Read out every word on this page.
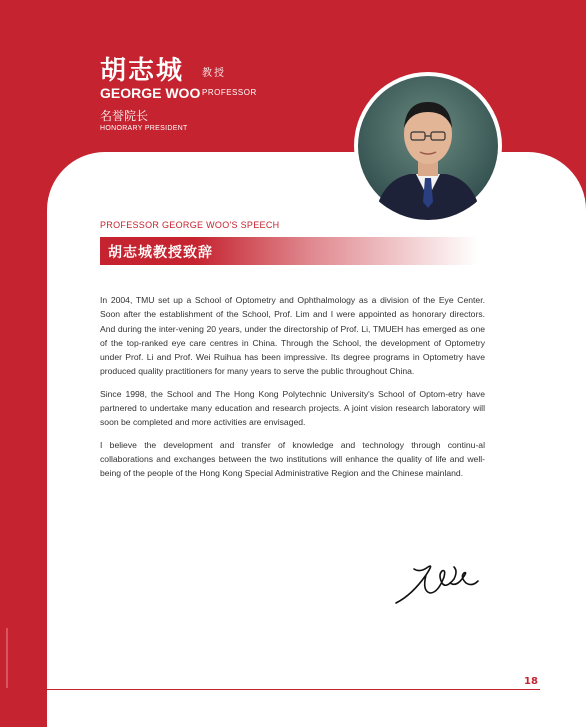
胡志城 教授
GEORGE WOO PROFESSOR
名誉院长
HONORARY PRESIDENT
PROFESSOR GEORGE WOO'S SPEECH
胡志城教授致辞

In 2004, TMU set up a School of Optometry and Ophthalmology as a division of the Eye Center. Soon after the establishment of the School, Prof. Lim and I were appointed as honorary directors. And during the inter-vening 20 years, under the directorship of Prof. Li, TMUEH has emerged as one of the top-ranked eye care centres in China. Through the School, the development of Optometry under Prof. Li and Prof. Wei Ruihua has been impressive. Its degree programs in Optometry have produced quality practitioners for many years to serve the public throughout China.

Since 1998, the School and The Hong Kong Polytechnic University's School of Optom-etry have partnered to undertake many education and research projects. A joint vision research laboratory will soon be completed and more activities are envisaged.

I believe the development and transfer of knowledge and technology through continu-al collaborations and exchanges between the two institutions will enhance the quality of life and well-being of the people of the Hong Kong Special Administrative Region and the Chinese mainland.

18
